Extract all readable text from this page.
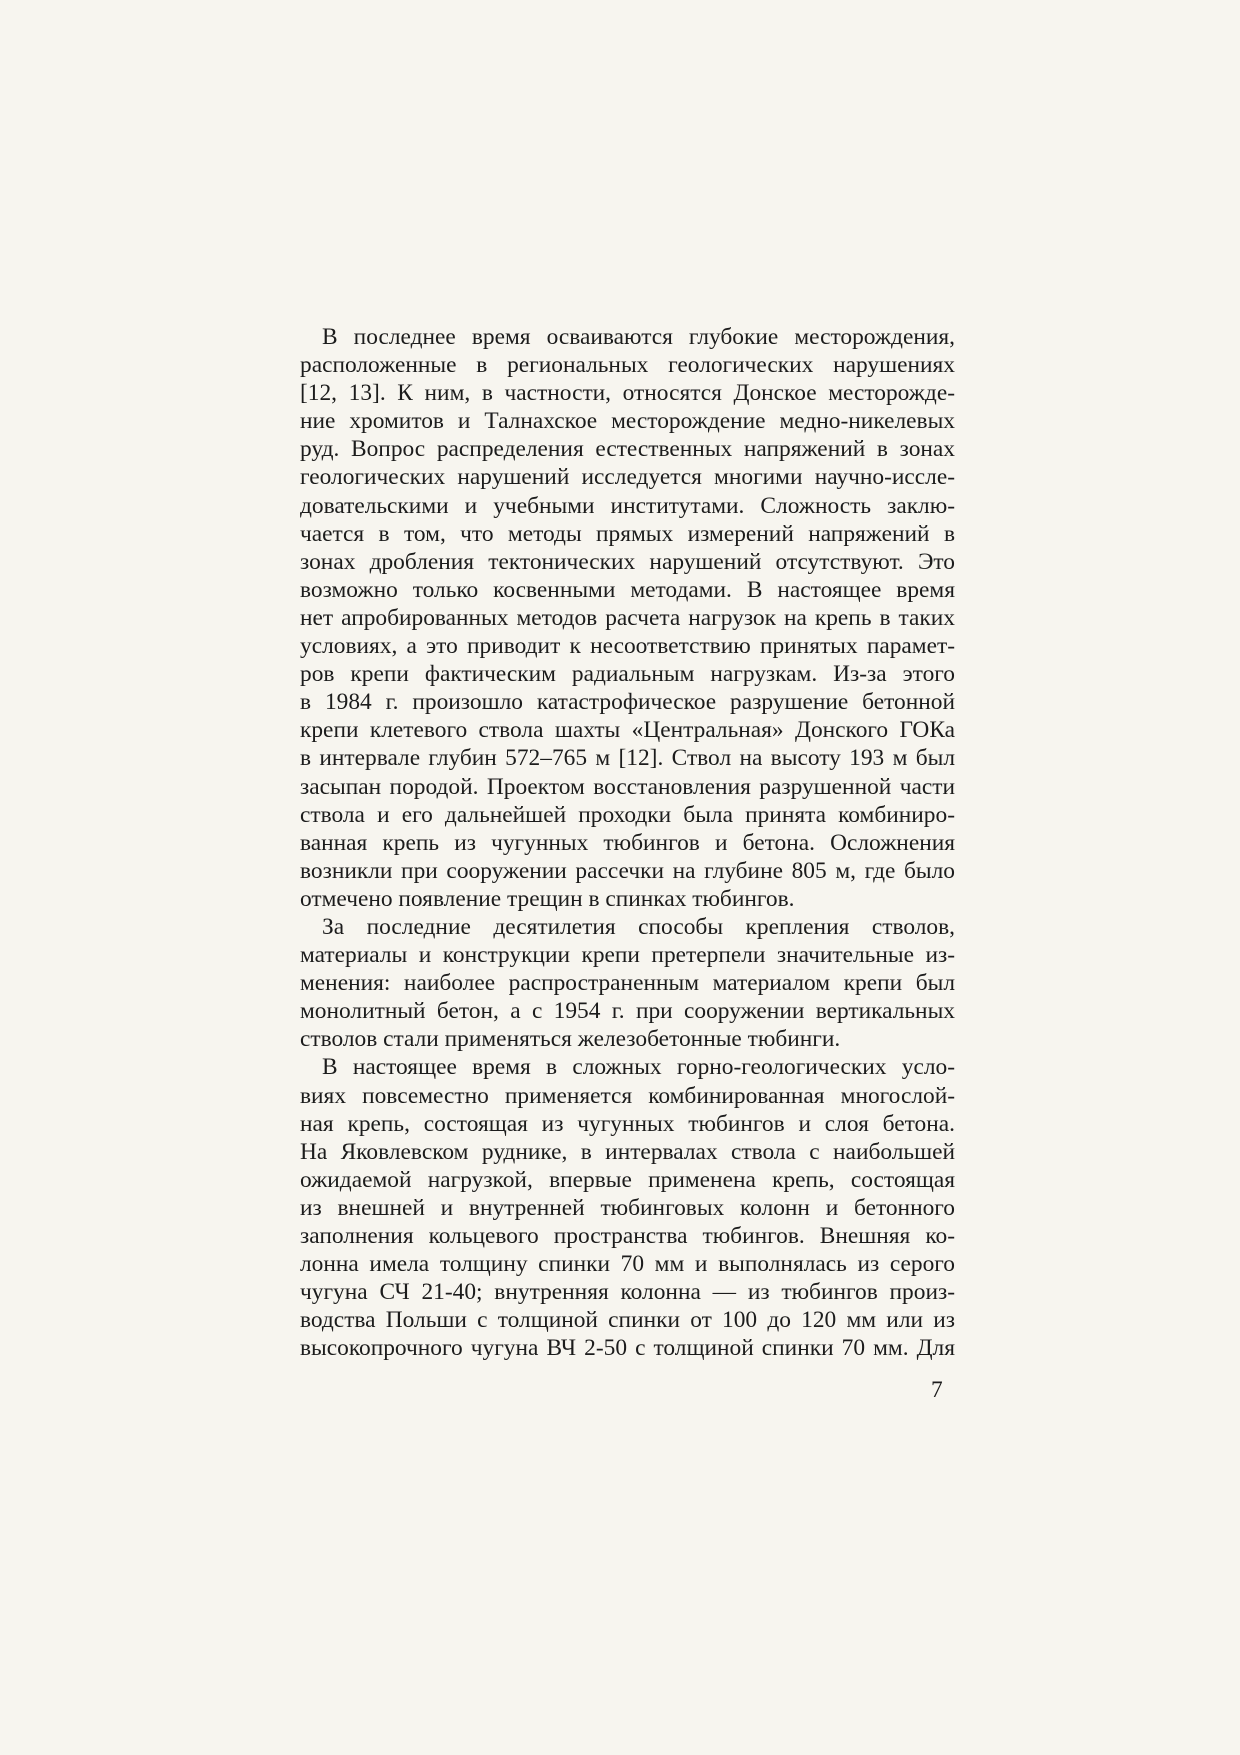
В последнее время осваиваются глубокие месторождения,
расположенные в региональных геологических нарушениях
[12, 13]. К ним, в частности, относятся Донское месторожде-
ние хромитов и Талнахское месторождение медно-никелевых
руд. Вопрос распределения естественных напряжений в зонах
геологических нарушений исследуется многими научно-иссле-
довательскими и учебными институтами. Сложность заклю-
чается в том, что методы прямых измерений напряжений в
зонах дробления тектонических нарушений отсутствуют. Это
возможно только косвенными методами. В настоящее время
нет апробированных методов расчета нагрузок на крепь в таких
условиях, а это приводит к несоответствию принятых парамет-
ров крепи фактическим радиальным нагрузкам. Из-за этого
в 1984 г. произошло катастрофическое разрушение бетонной
крепи клетевого ствола шахты «Центральная» Донского ГОКа
в интервале глубин 572–765 м [12]. Ствол на высоту 193 м был
засыпан породой. Проектом восстановления разрушенной части
ствола и его дальнейшей проходки была принята комбиниро-
ванная крепь из чугунных тюбингов и бетона. Осложнения
возникли при сооружении рассечки на глубине 805 м, где было
отмечено появление трещин в спинках тюбингов.

За последние десятилетия способы крепления стволов,
материалы и конструкции крепи претерпели значительные из-
менения: наиболее распространенным материалом крепи был
монолитный бетон, а с 1954 г. при сооружении вертикальных
стволов стали применяться железобетонные тюбинги.

В настоящее время в сложных горно-геологических усло-
виях повсеместно применяется комбинированная многослой-
ная крепь, состоящая из чугунных тюбингов и слоя бетона.
На Яковлевском руднике, в интервалах ствола с наибольшей
ожидаемой нагрузкой, впервые применена крепь, состоящая
из внешней и внутренней тюбинговых колонн и бетонного
заполнения кольцевого пространства тюбингов. Внешняя ко-
лонна имела толщину спинки 70 мм и выполнялась из серого
чугуна СЧ 21-40; внутренняя колонна — из тюбингов произ-
водства Польши с толщиной спинки от 100 до 120 мм или из
высокопрочного чугуна ВЧ 2-50 с толщиной спинки 70 мм. Для

7
